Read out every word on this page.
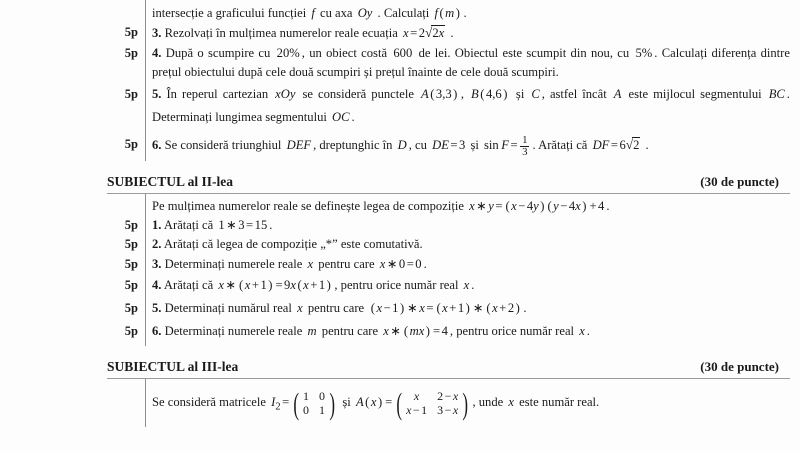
intersecție a graficului funcției f cu axa Oy . Calculați f ( m ) .
5p 3. Rezolvați în mulțimea numerelor reale ecuația x = 2√2x .
5p 4. După o scumpire cu 20% , un obiect costă 600 de lei. Obiectul este scumpit din nou, cu 5% . Calculați diferența dintre prețul obiectului după cele două scumpiri și prețul înainte de cele două scumpiri.
5p 5. În reperul cartezian xOy se consideră punctele A ( 3,3 ) , B ( 4,6 ) și C , astfel încât A este mijlocul segmentului BC . Determinați lungimea segmentului OC .
5p 6. Se consideră triunghiul DEF , dreptunghic în D , cu DE = 3 și $\sin F = \frac{1}{3}$ . Arătați că DF = 6√2 .
SUBIECTUL al II-lea	(30 de puncte)
Pe mulțimea numerelor reale se definește legea de compoziție x ∗ y = ( x − 4y ) ( y − 4x ) + 4 .
5p 1. Arătați că 1 ∗ 3 = 15 .
5p 2. Arătați că legea de compoziție „*” este comutativă.
5p 3. Determinați numerele reale x pentru care x ∗ 0 = 0 .
5p 4. Arătați că x ∗ ( x + 1 ) = 9x ( x + 1 ) , pentru orice număr real x .
5p 5. Determinați numărul real x pentru care ( x − 1 ) ∗ x = ( x + 1 ) ∗ ( x + 2 ) .
5p 6. Determinați numerele reale m pentru care x ∗ ( mx ) = 4 , pentru orice număr real x .
SUBIECTUL al III-lea	(30 de puncte)
Se consideră matricele $I_2$ = ( 1 0
0 1 ) și A ( x ) = (	x	2 − x
x − 1 3 − x ) , unde x este număr real.
